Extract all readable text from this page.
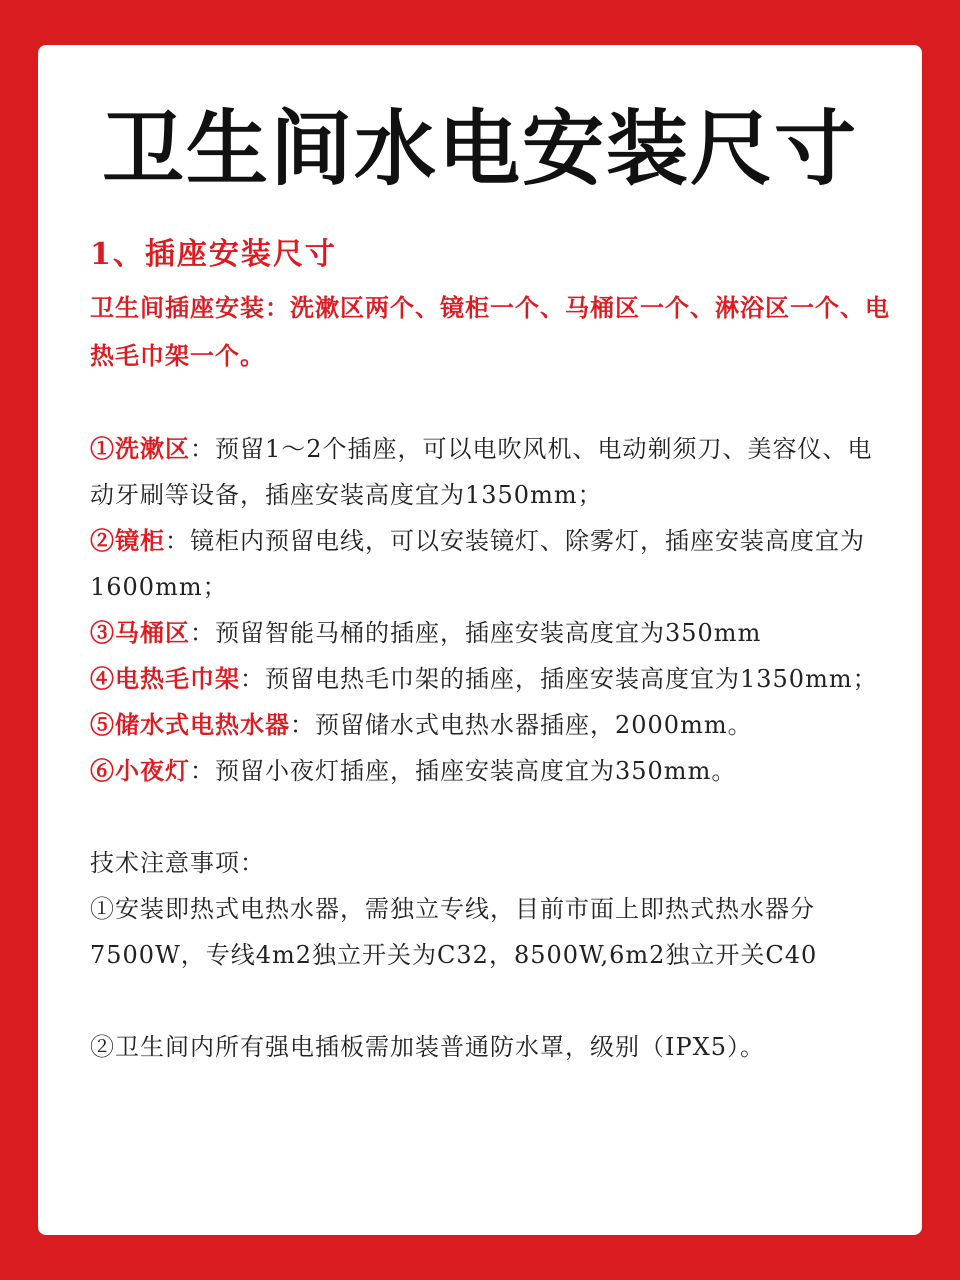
卫生间水电安装尺寸
1、插座安装尺寸
卫生间插座安装：洗漱区两个、镜柜一个、马桶区一个、淋浴区一个、电热毛巾架一个。
①洗漱区：预留1～2个插座，可以电吹风机、电动剃须刀、美容仪、电动牙刷等设备，插座安装高度宜为1350mm；
②镜柜：镜柜内预留电线，可以安装镜灯、除雾灯，插座安装高度宜为1600mm；
③马桶区：预留智能马桶的插座，插座安装高度宜为350mm
④电热毛巾架：预留电热毛巾架的插座，插座安装高度宜为1350mm；
⑤储水式电热水器：预留储水式电热水器插座，2000mm。
⑥小夜灯：预留小夜灯插座，插座安装高度宜为350mm。
技术注意事项：
①安装即热式电热水器，需独立专线，目前市面上即热式热水器分7500W，专线4m2独立开关为C32，8500W,6m2独立开关C40
②卫生间内所有强电插板需加装普通防水罩，级别（IPX5）。
